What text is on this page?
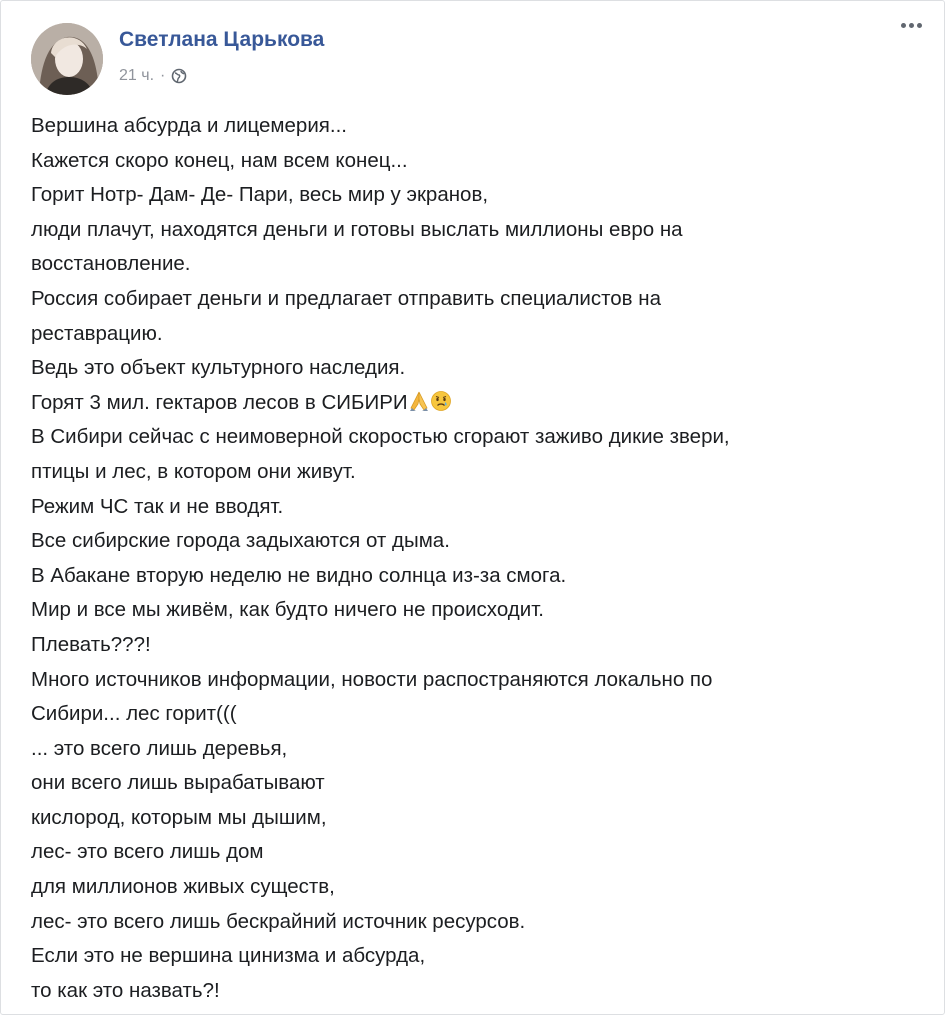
Светлана Царькова
21 ч. ·
Вершина абсурда и лицемерия...
Кажется скоро конец, нам всем конец...
Горит Нотр- Дам- Де- Пари, весь мир у экранов,
люди плачут, находятся деньги и готовы выслать миллионы евро на
восстановление.
Россия собирает деньги и предлагает отправить специалистов на
реставрацию.
Ведь это объект культурного наследия.
Горят 3 мил. гектаров лесов в СИБИРИ
В Сибири сейчас с неимоверной скоростью сгорают заживо дикие звери,
птицы и лес, в котором они живут.
Режим ЧС так и не вводят.
Все сибирские города задыхаются от дыма.
В Абакане вторую неделю не видно солнца из-за смога.
Мир и все мы живём, как будто ничего не происходит.
Плевать???!
Много источников информации, новости распостраняются локально по
Сибири... лес горит(((
... это всего лишь деревья,
они всего лишь вырабатывают
кислород, которым мы дышим,
лес- это всего лишь дом
для миллионов живых существ,
лес- это всего лишь бескрайний источник ресурсов.
Если это не вершина цинизма и абсурда,
то как это назвать?!
